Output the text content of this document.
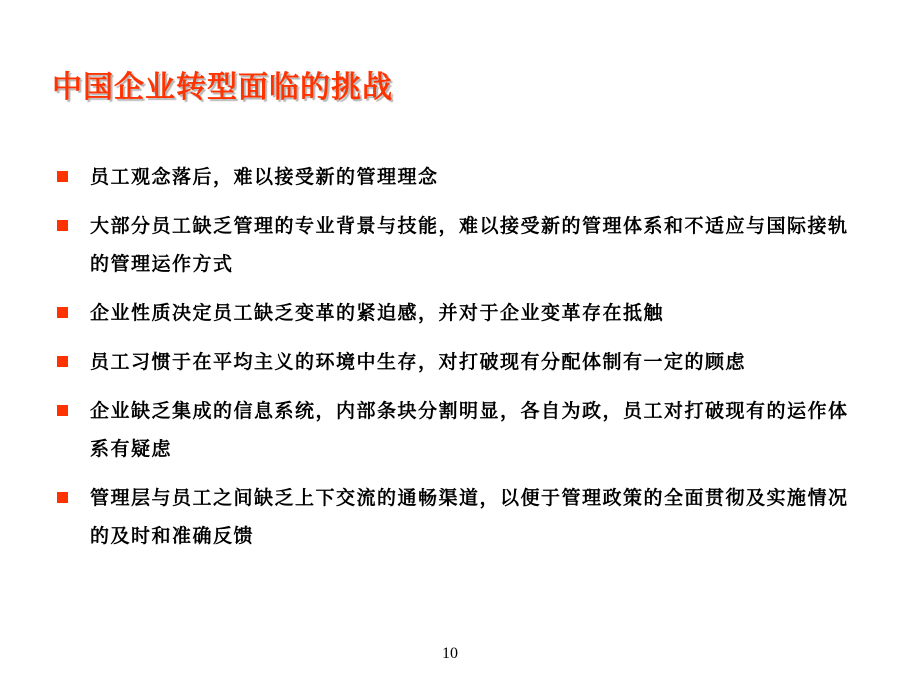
中国企业转型面临的挑战
员工观念落后，难以接受新的管理理念
大部分员工缺乏管理的专业背景与技能，难以接受新的管理体系和不适应与国际接轨的管理运作方式
企业性质决定员工缺乏变革的紧迫感，并对于企业变革存在抵触
员工习惯于在平均主义的环境中生存，对打破现有分配体制有一定的顾虑
企业缺乏集成的信息系统，内部条块分割明显，各自为政，员工对打破现有的运作体系有疑虑
管理层与员工之间缺乏上下交流的通畅渠道，以便于管理政策的全面贯彻及实施情况的及时和准确反馈
10
